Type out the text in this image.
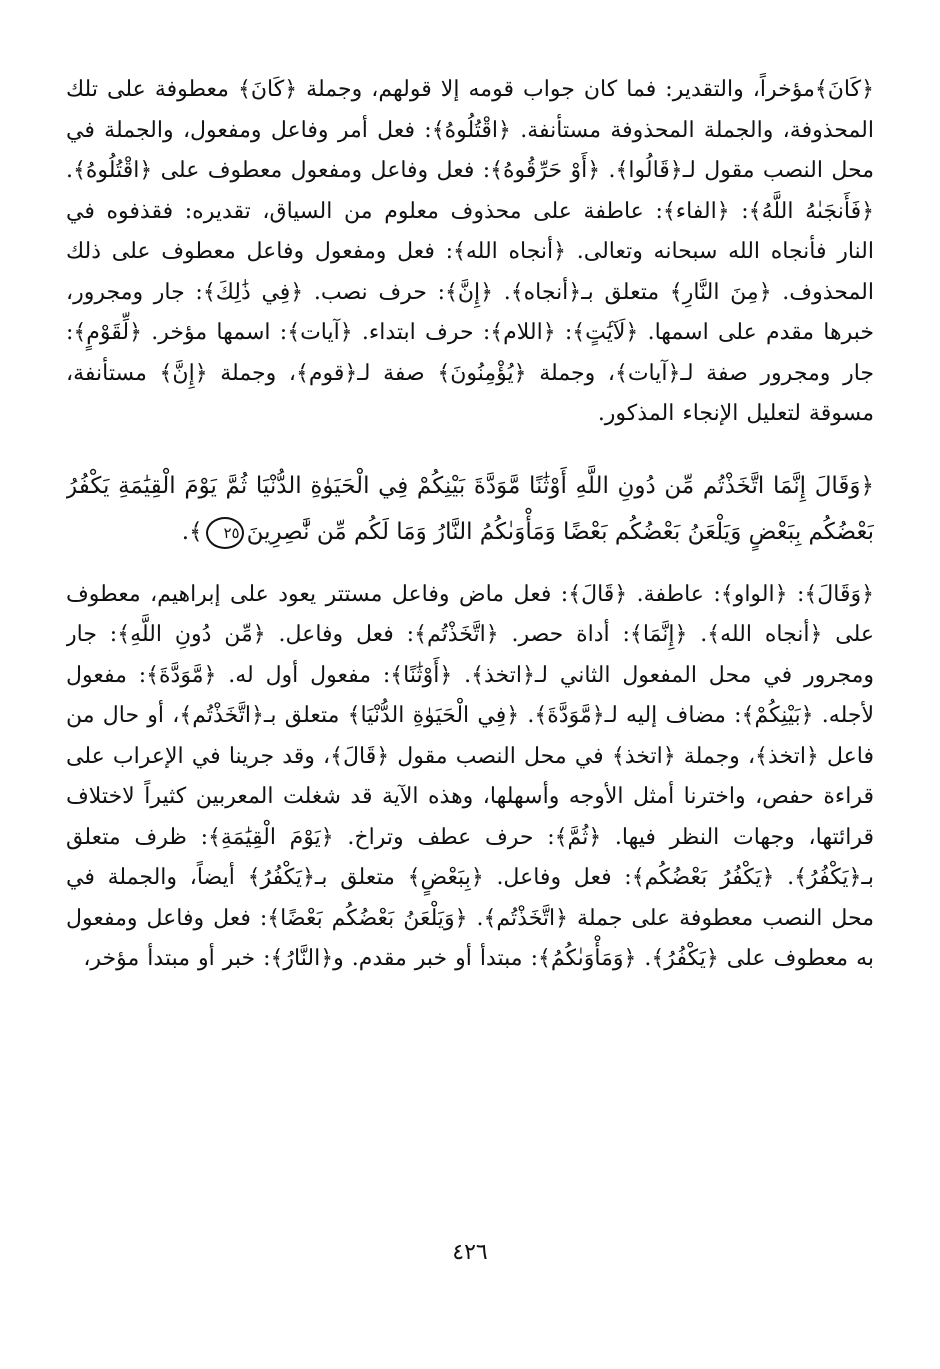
﴿كَانَ﴾مؤخراً، والتقدير: فما كان جواب قومه إلا قولهم، وجملة ﴿كَانَ﴾ معطوفة على تلك المحذوفة، والجملة المحذوفة مستأنفة. ﴿اقْتُلُوهُ﴾: فعل أمر وفاعل ومفعول، والجملة في محل النصب مقول لـ﴿قَالُوا﴾. ﴿أَوْ حَرِّقُوهُ﴾: فعل وفاعل ومفعول معطوف على ﴿اقْتُلُوهُ﴾. ﴿فَأَنجَىٰهُ اللَّهُ﴾: ﴿الفاء﴾: عاطفة على محذوف معلوم من السياق، تقديره: فقذفوه في النار فأنجاه الله سبحانه وتعالى. ﴿أنجاه الله﴾: فعل ومفعول وفاعل معطوف على ذلك المحذوف. ﴿مِنَ النَّارِ﴾ متعلق بـ﴿أنجاه﴾. ﴿إِنَّ﴾: حرف نصب. ﴿فِي ذَٰلِكَ﴾: جار ومجرور، خبرها مقدم على اسمها. ﴿لَآيَٰتٍ﴾: ﴿اللام﴾: حرف ابتداء. ﴿آيات﴾: اسمها مؤخر. ﴿لِّقَوْمٍ﴾: جار ومجرور صفة لـ﴿آيات﴾، وجملة ﴿يُؤْمِنُونَ﴾ صفة لـ﴿قوم﴾، وجملة ﴿إِنَّ﴾ مستأنفة، مسوقة لتعليل الإنجاء المذكور.

﴿وَقَالَ إِنَّمَا اتَّخَذْتُم مِّن دُونِ اللَّهِ أَوْثَٰنًا مَّوَدَّةَ بَيْنِكُمْ فِي الْحَيَوٰةِ الدُّنْيَا ثُمَّ يَوْمَ الْقِيَٰمَةِ يَكْفُرُ بَعْضُكُم بِبَعْضٍ وَيَلْعَنُ بَعْضُكُم بَعْضًا وَمَأْوَىٰكُمُ النَّارُ وَمَا لَكُم مِّن نَّٰصِرِينَ٢٥﴾.

﴿وَقَالَ﴾: ﴿الواو﴾: عاطفة. ﴿قَالَ﴾: فعل ماض وفاعل مستتر يعود على إبراهيم، معطوف على ﴿أنجاه الله﴾. ﴿إِنَّمَا﴾: أداة حصر. ﴿اتَّخَذْتُم﴾: فعل وفاعل. ﴿مِّن دُونِ اللَّهِ﴾: جار ومجرور في محل المفعول الثاني لـ﴿اتخذ﴾. ﴿أَوْثَٰنًا﴾: مفعول أول له. ﴿مَّوَدَّةَ﴾: مفعول لأجله. ﴿بَيْنِكُمْ﴾: مضاف إليه لـ﴿مَّوَدَّةَ﴾. ﴿فِي الْحَيَوٰةِ الدُّنْيَا﴾ متعلق بـ﴿اتَّخَذْتُم﴾، أو حال من فاعل ﴿اتخذ﴾، وجملة ﴿اتخذ﴾ في محل النصب مقول ﴿قَالَ﴾، وقد جرينا في الإعراب على قراءة حفص، واخترنا أمثل الأوجه وأسهلها، وهذه الآية قد شغلت المعربين كثيراً لاختلاف قرائتها، وجهات النظر فيها. ﴿ثُمَّ﴾: حرف عطف وتراخ. ﴿يَوْمَ الْقِيَٰمَةِ﴾: ظرف متعلق بـ﴿يَكْفُرُ﴾. ﴿يَكْفُرُ بَعْضُكُم﴾: فعل وفاعل. ﴿بِبَعْضٍ﴾ متعلق بـ﴿يَكْفُرُ﴾ أيضاً، والجملة في محل النصب معطوفة على جملة ﴿اتَّخَذْتُم﴾. ﴿وَيَلْعَنُ بَعْضُكُم بَعْضًا﴾: فعل وفاعل ومفعول به معطوف على ﴿يَكْفُرُ﴾. ﴿وَمَأْوَىٰكُمُ﴾: مبتدأ أو خبر مقدم. و﴿النَّارُ﴾: خبر أو مبتدأ مؤخر،

٤٢٦
